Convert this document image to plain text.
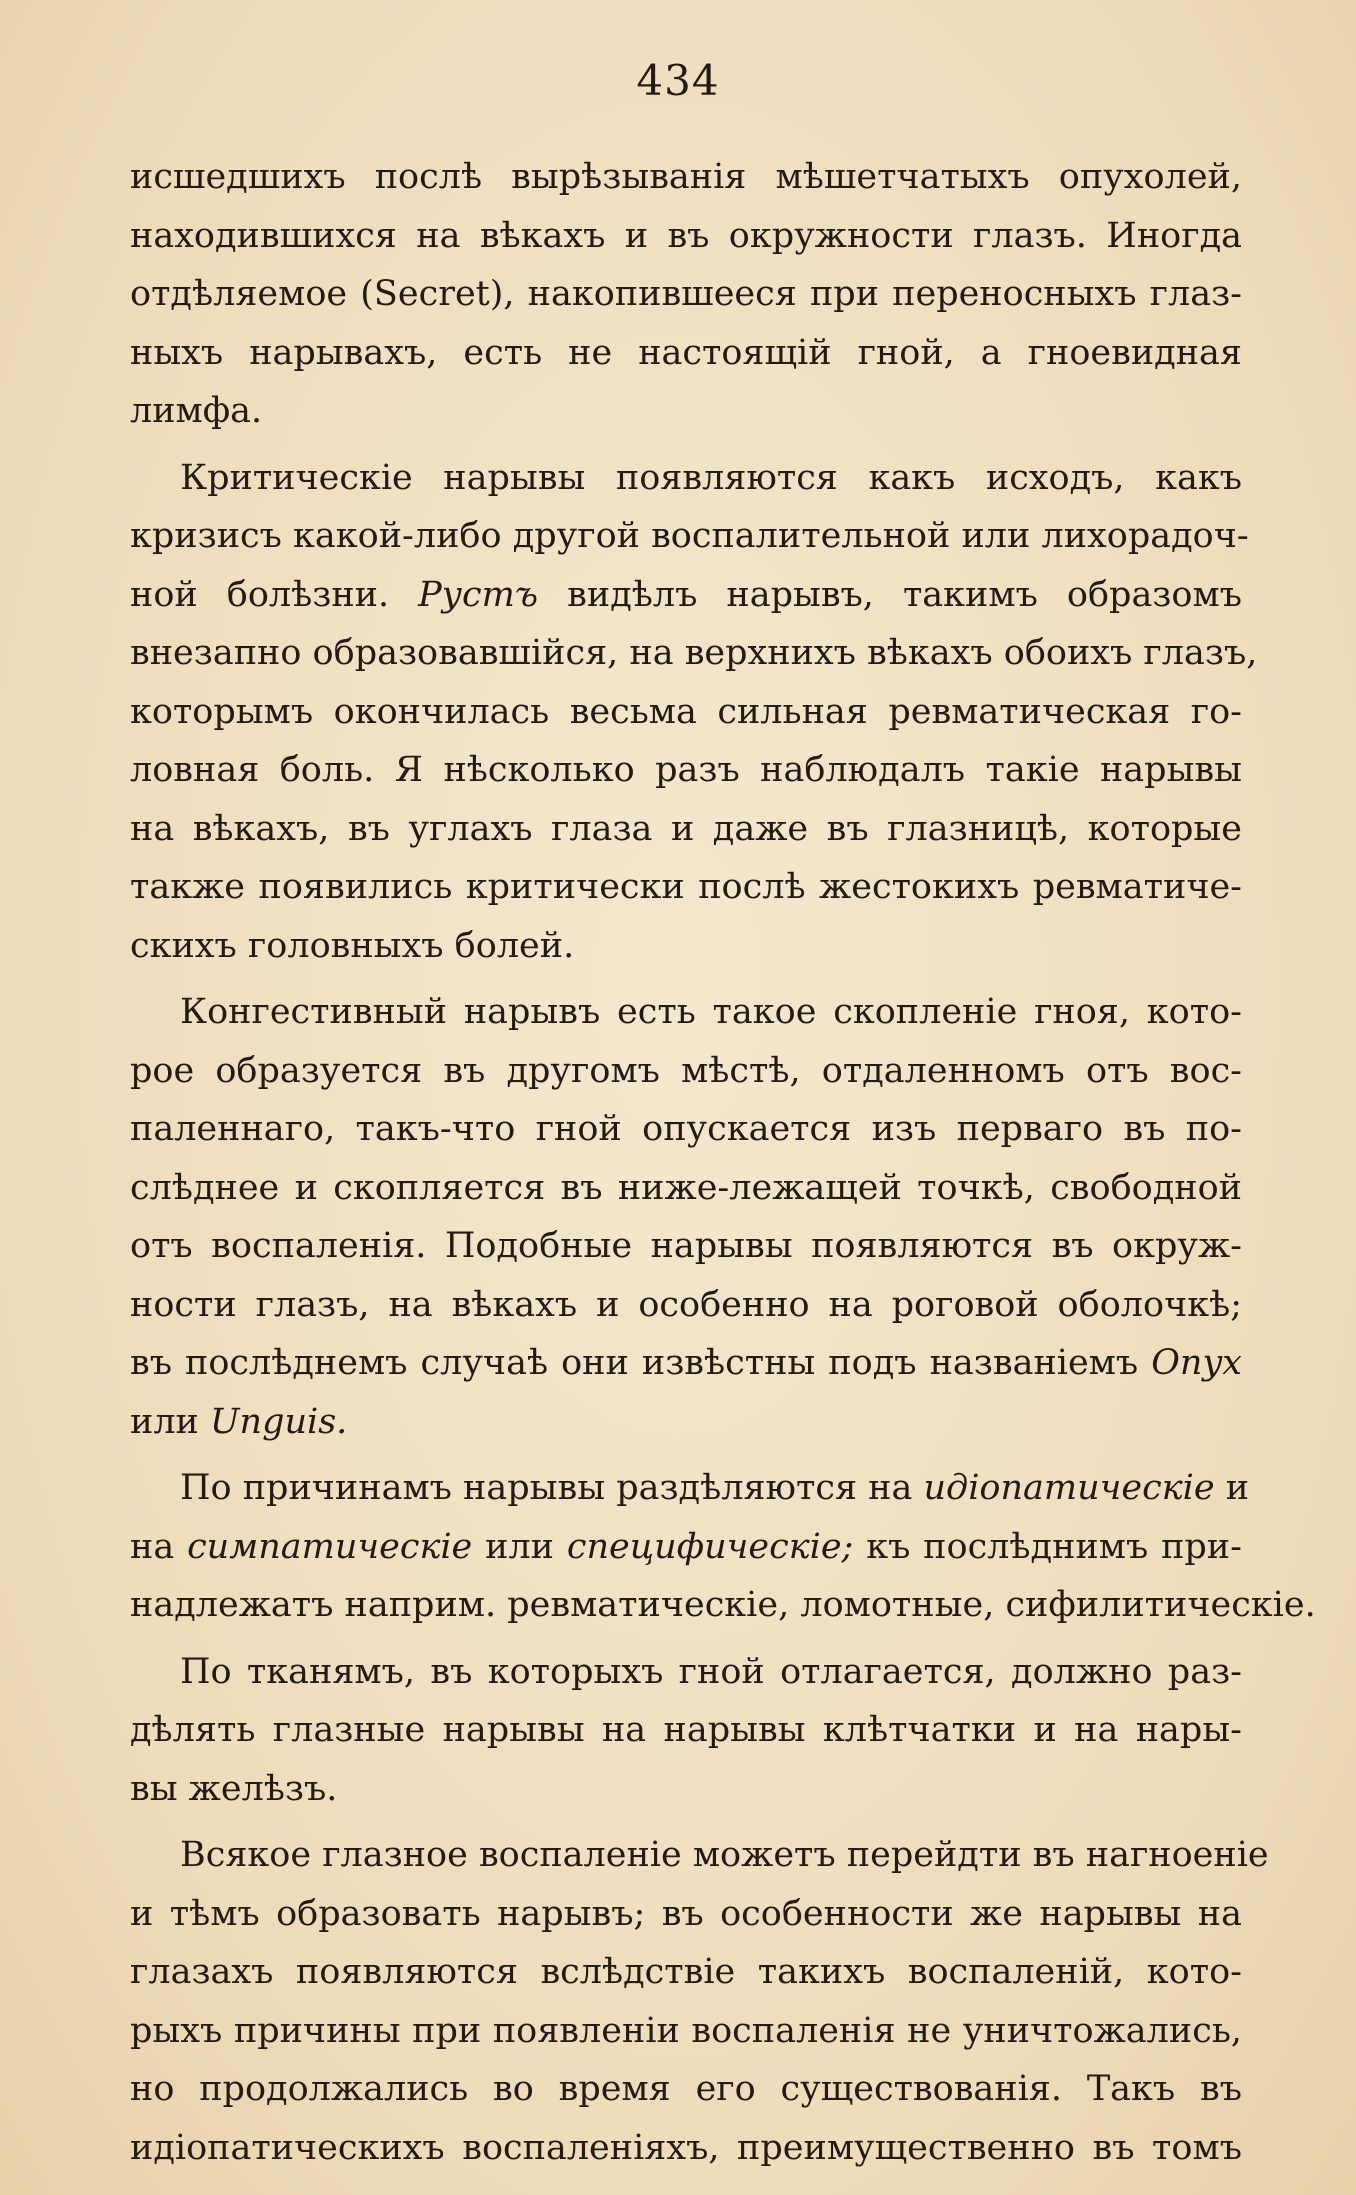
434
исшедшихъ послѣ вырѣзыванія мѣшетчатыхъ опухолей,
находившихся на вѣкахъ и въ окружности глазъ. Иногда
отдѣляемое (Secret), накопившееся при переносныхъ глаз-
ныхъ нарывахъ, есть не настоящій гной, а гноевидная
лимфа.
Критическіе нарывы появляются какъ исходъ, какъ
кризисъ какой-либо другой воспалительной или лихорадоч-
ной болѣзни. Рустъ видѣлъ нарывъ, такимъ образомъ
внезапно образовавшійся, на верхнихъ вѣкахъ обоихъ глазъ,
которымъ окончилась весьма сильная ревматическая го-
ловная боль. Я нѣсколько разъ наблюдалъ такіе нарывы
на вѣкахъ, въ углахъ глаза и даже въ глазницѣ, которые
также появились критически послѣ жестокихъ ревматиче-
скихъ головныхъ болей.
Конгестивный нарывъ есть такое скопленіе гноя, кото-
рое образуется въ другомъ мѣстѣ, отдаленномъ отъ вос-
паленнаго, такъ-что гной опускается изъ перваго въ по-
слѣднее и скопляется въ ниже-лежащей точкѣ, свободной
отъ воспаленія. Подобные нарывы появляются въ окруж-
ности глазъ, на вѣкахъ и особенно на роговой оболочкѣ;
въ послѣднемъ случаѣ они извѣстны подъ названіемъ Onyx
или Unguis.
По причинамъ нарывы раздѣляются на идіопатическіе и
на симпатическіе или специфическіе; къ послѣднимъ при-
надлежатъ наприм. ревматическіе, ломотные, сифилитическіе.
По тканямъ, въ которыхъ гной отлагается, должно раз-
дѣлять глазные нарывы на нарывы клѣтчатки и на нары-
вы желѣзъ.
Всякое глазное воспаленіе можетъ перейдти въ нагноеніе
и тѣмъ образовать нарывъ; въ особенности же нарывы на
глазахъ появляются вслѣдствіе такихъ воспаленій, кото-
рыхъ причины при появленіи воспаленія не уничтожались,
но продолжались во время его существованія. Такъ въ
идіопатическихъ воспаленіяхъ, преимущественно въ томъ
